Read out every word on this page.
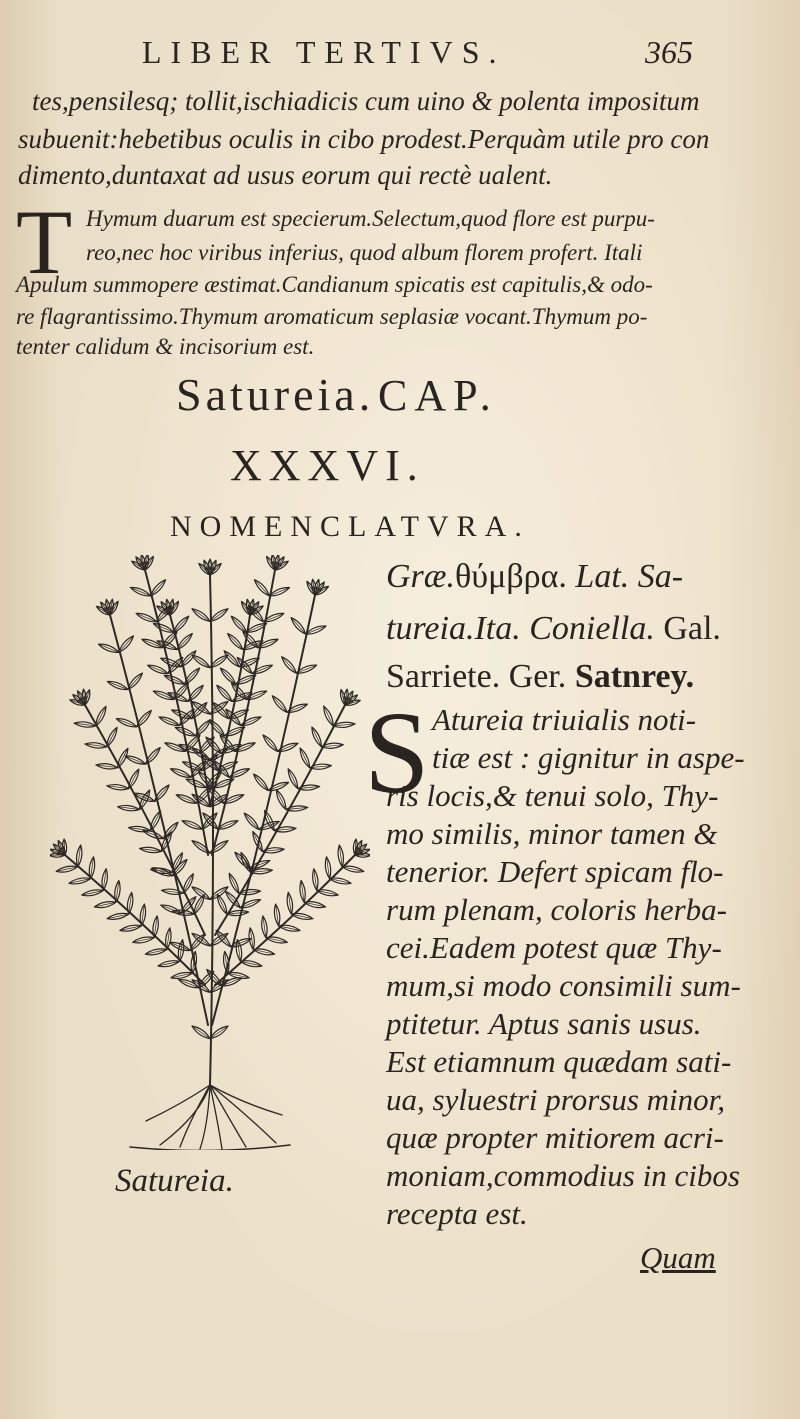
LIBER TERTIVS.	365
tes,pensilesq; tollit,ischiadicis cum uino & polenta impositum
subuenit:hebetibus oculis in cibo prodest.Perquàm utile pro con
dimento,duntaxat ad usus eorum qui rectè ualent.
T Hymum duarum est specierum.Selectum,quod flore est purpu-
reo,nec hoc viribus inferius, quod album florem profert. Itali
Apulum summopere æstimat.Candianum spicatis est capitulis,& odo-
re flagrantissimo.Thymum aromaticum seplasiæ vocant.Thymum po-
tenter calidum & incisorium est.
Satureia. CAP.
XXXVI.
NOMENCLATVRA.
Græ.θύμβρα. Lat. Sa-
tureia.Ita. Coniella. Gal.
Sarriete. Ger. Satnrey.
S Atureia triuialis noti-
tiæ est : gignitur in aspe-
ris locis,& tenui solo, Thy-
mo similis, minor tamen &
tenerior. Defert spicam flo-
rum plenam, coloris herba-
cei.Eadem potest quæ Thy-
mum,si modo consimili sum-
ptitetur. Aptus sanis usus.
Est etiamnum quædam sati-
ua, syluestri prorsus minor,
quæ propter mitiorem acri-
moniam,commodius in cibos
recepta est.
Quam
Satureia.
